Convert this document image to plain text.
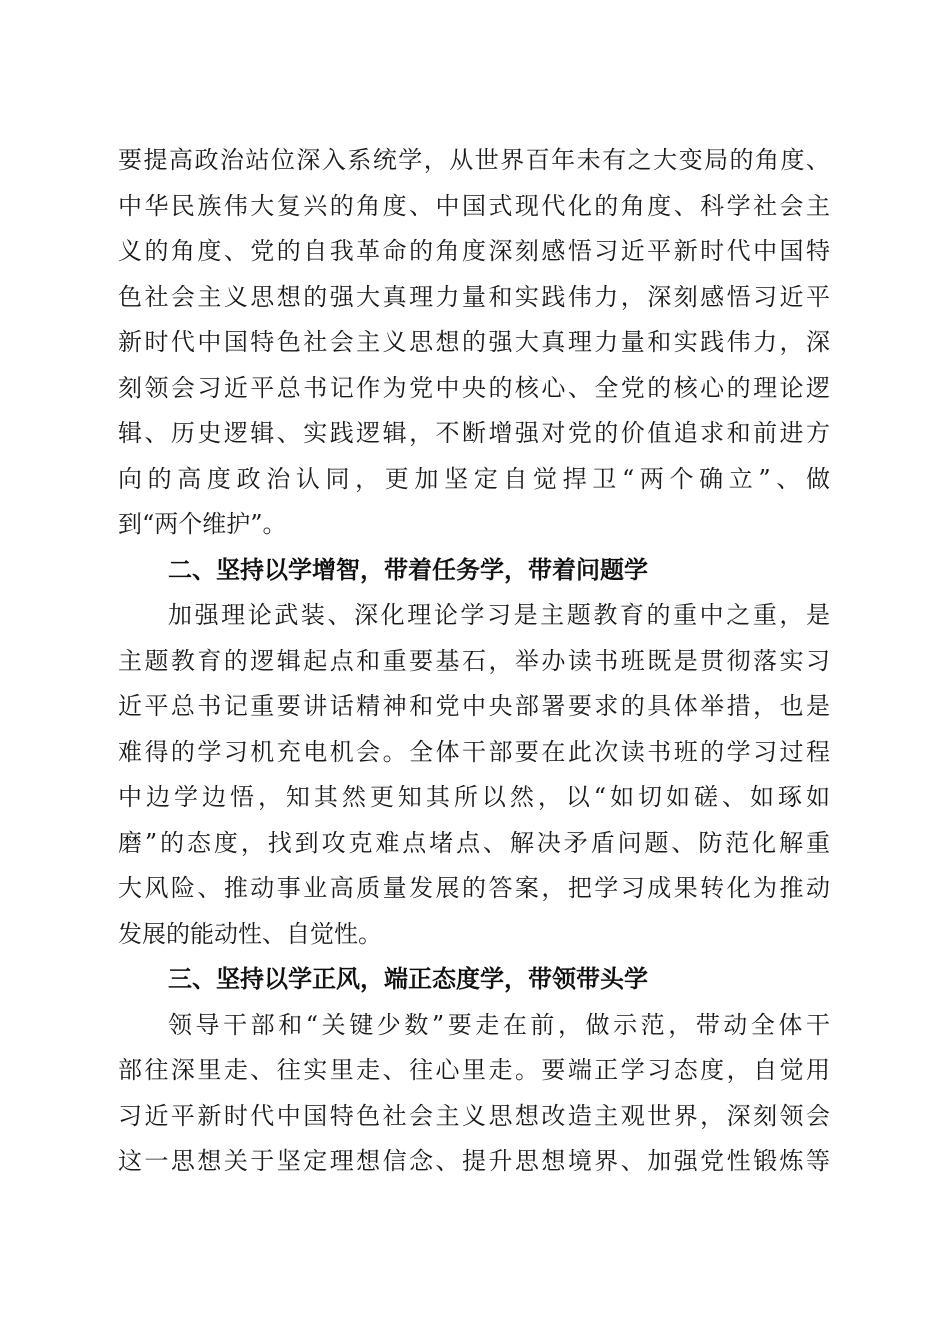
要提高政治站位深入系统学，从世界百年未有之大变局的角度、
中华民族伟大复兴的角度、中国式现代化的角度、科学社会主
义的角度、党的自我革命的角度深刻感悟习近平新时代中国特
色社会主义思想的强大真理力量和实践伟力，深刻感悟习近平
新时代中国特色社会主义思想的强大真理力量和实践伟力，深
刻领会习近平总书记作为党中央的核心、全党的核心的理论逻
辑、历史逻辑、实践逻辑，不断增强对党的价值追求和前进方
向的高度政治认同，更加坚定自觉捍卫“两个确立”、做
到“两个维护”。
二、坚持以学增智，带着任务学，带着问题学
加强理论武装、深化理论学习是主题教育的重中之重，是
主题教育的逻辑起点和重要基石，举办读书班既是贯彻落实习
近平总书记重要讲话精神和党中央部署要求的具体举措，也是
难得的学习机充电机会。全体干部要在此次读书班的学习过程
中边学边悟，知其然更知其所以然，以“如切如磋、如琢如
磨”的态度，找到攻克难点堵点、解决矛盾问题、防范化解重
大风险、推动事业高质量发展的答案，把学习成果转化为推动
发展的能动性、自觉性。
三、坚持以学正风，端正态度学，带领带头学
领导干部和“关键少数”要走在前，做示范，带动全体干
部往深里走、往实里走、往心里走。要端正学习态度，自觉用
习近平新时代中国特色社会主义思想改造主观世界，深刻领会
这一思想关于坚定理想信念、提升思想境界、加强党性锻炼等
